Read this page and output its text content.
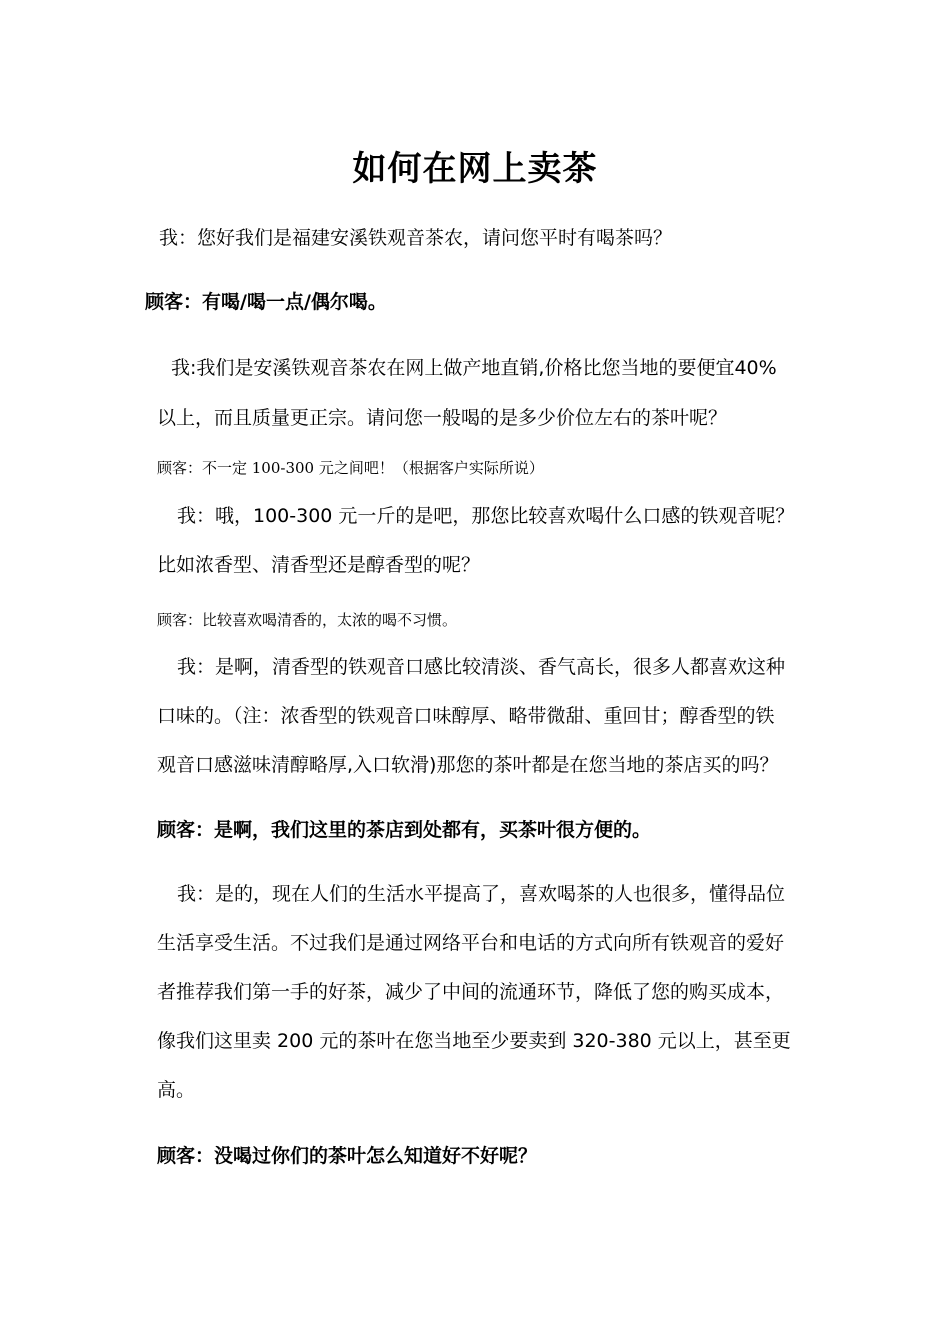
如何在网上卖茶
我：您好我们是福建安溪铁观音茶农，请问您平时有喝茶吗？
顾客：有喝/喝一点/偶尔喝。
我:我们是安溪铁观音茶农在网上做产地直销,价格比您当地的要便宜40%
以上，而且质量更正宗。请问您一般喝的是多少价位左右的茶叶呢？
顾客：不一定 100-300 元之间吧！（根据客户实际所说）
我：哦，100-300 元一斤的是吧，那您比较喜欢喝什么口感的铁观音呢？
比如浓香型、清香型还是醇香型的呢？
顾客：比较喜欢喝清香的，太浓的喝不习惯。
我：是啊，清香型的铁观音口感比较清淡、香气高长，很多人都喜欢这种
口味的。（注：浓香型的铁观音口味醇厚、略带微甜、重回甘；醇香型的铁
观音口感滋味清醇略厚,入口软滑)那您的茶叶都是在您当地的茶店买的吗？
顾客：是啊，我们这里的茶店到处都有，买茶叶很方便的。
我：是的，现在人们的生活水平提高了，喜欢喝茶的人也很多，懂得品位
生活享受生活。不过我们是通过网络平台和电话的方式向所有铁观音的爱好
者推荐我们第一手的好茶，减少了中间的流通环节，降低了您的购买成本，
像我们这里卖 200 元的茶叶在您当地至少要卖到 320-380 元以上，甚至更
高。
顾客：没喝过你们的茶叶怎么知道好不好呢？
